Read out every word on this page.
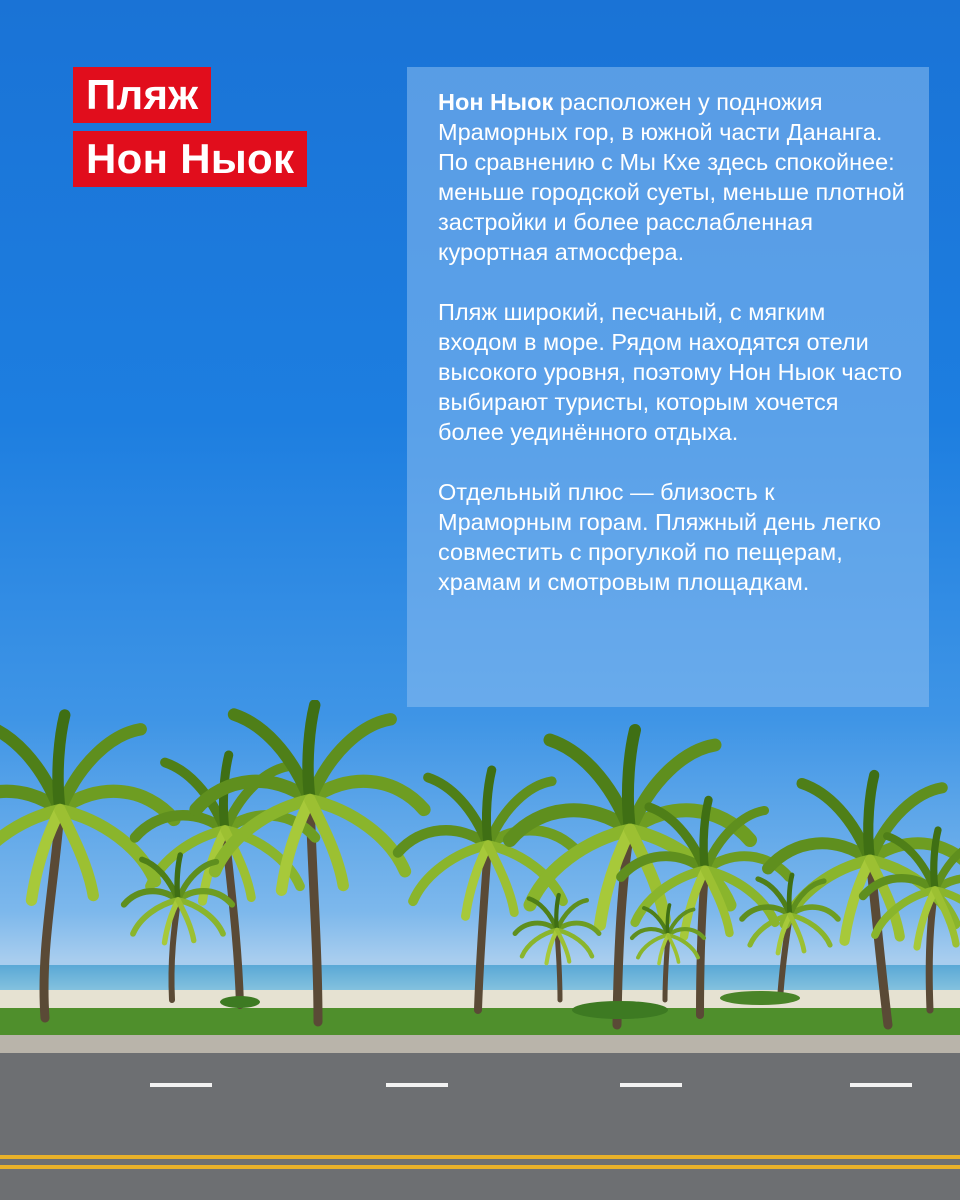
Пляж
Нон Ныок

Нон Ныок расположен у подножия Мраморных гор, в южной части Дананга. По сравнению с Мы Кхе здесь спокойнее: меньше городской суеты, меньше плотной застройки и более расслабленная курортная атмосфера.

Пляж широкий, песчаный, с мягким входом в море. Рядом находятся отели высокого уровня, поэтому Нон Ныок часто выбирают туристы, которым хочется более уединённого отдыха.

Отдельный плюс — близость к Мраморным горам. Пляжный день легко совместить с прогулкой по пещерам, храмам и смотровым площадкам.
